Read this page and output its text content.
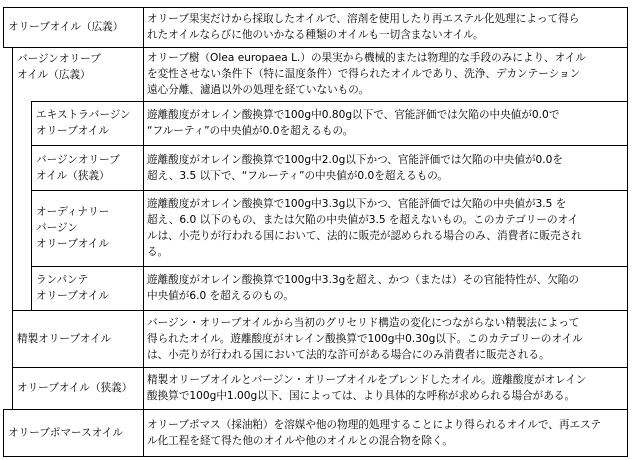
オリーブオイル（広義）
バージンオリーブ
オイル（広義）
エキストラバージン
オリーブオイル
バージンオリーブ
オイル（狭義）
オーディナリー
バージン
オリーブオイル
ランパンテ
オリーブオイル
精製オリーブオイル
オリーブオイル（狭義）
オリーブポマースオイル
オリーブ果実だけから採取したオイルで、溶剤を使用したり再エステル化処理によって得ら
れたオイルならびに他のいかなる種類のオイルも一切含まないオイル。
オリーブ樹（Olea europaea L.）の果実から機械的または物理的な手段のみにより、オイル
を変性させない条件下（特に温度条件）で得られたオイルであり、洗浄、デカンテーション
遠心分離、濾過以外の処理を経ていないもの。
遊離酸度がオレイン酸換算で100g中0.80g以下で、官能評価では欠陥の中央値が0.0で
“フルーティ”の中央値が0.0を超えるもの。
遊離酸度がオレイン酸換算で100g中2.0g以下かつ、官能評価では欠陥の中央値が0.0を
超え、3.5 以下で、“フルーティ”の中央値が0.0を超えるもの。
遊離酸度がオレイン酸換算で100g中3.3g以下かつ、官能評価では欠陥の中央値が3.5 を
超え、6.0 以下のもの、または欠陥の中央値が3.5 を超えないもの。このカテゴリーのオイ
ルは、小売りが行われる国において、法的に販売が認められる場合のみ、消費者に販売され
る。
遊離酸度がオレイン酸換算で100g中3.3gを超え、かつ（または）その官能特性が、欠陥の
中央値が6.0 を超えるのもの。
バージン・オリーブオイルから当初のグリセリド構造の変化につながらない精製法によって
得られたオイル。遊離酸度がオレイン酸換算で100g中0.30g以下。このカテゴリーのオイル
は、小売りが行われる国において法的な許可がある場合にのみ消費者に販売される。
精製オリーブオイルとバージン・オリーブオイルをブレンドしたオイル。遊離酸度がオレイン
酸換算で100g中1.00g以下、国によっては、より具体的な呼称が求められる場合がある。
オリーブポマス（採油粕）を溶媒や他の物理的処理することにより得られるオイルで、再エステ
ル化工程を経て得た他のオイルや他のオイルとの混合物を除く。
